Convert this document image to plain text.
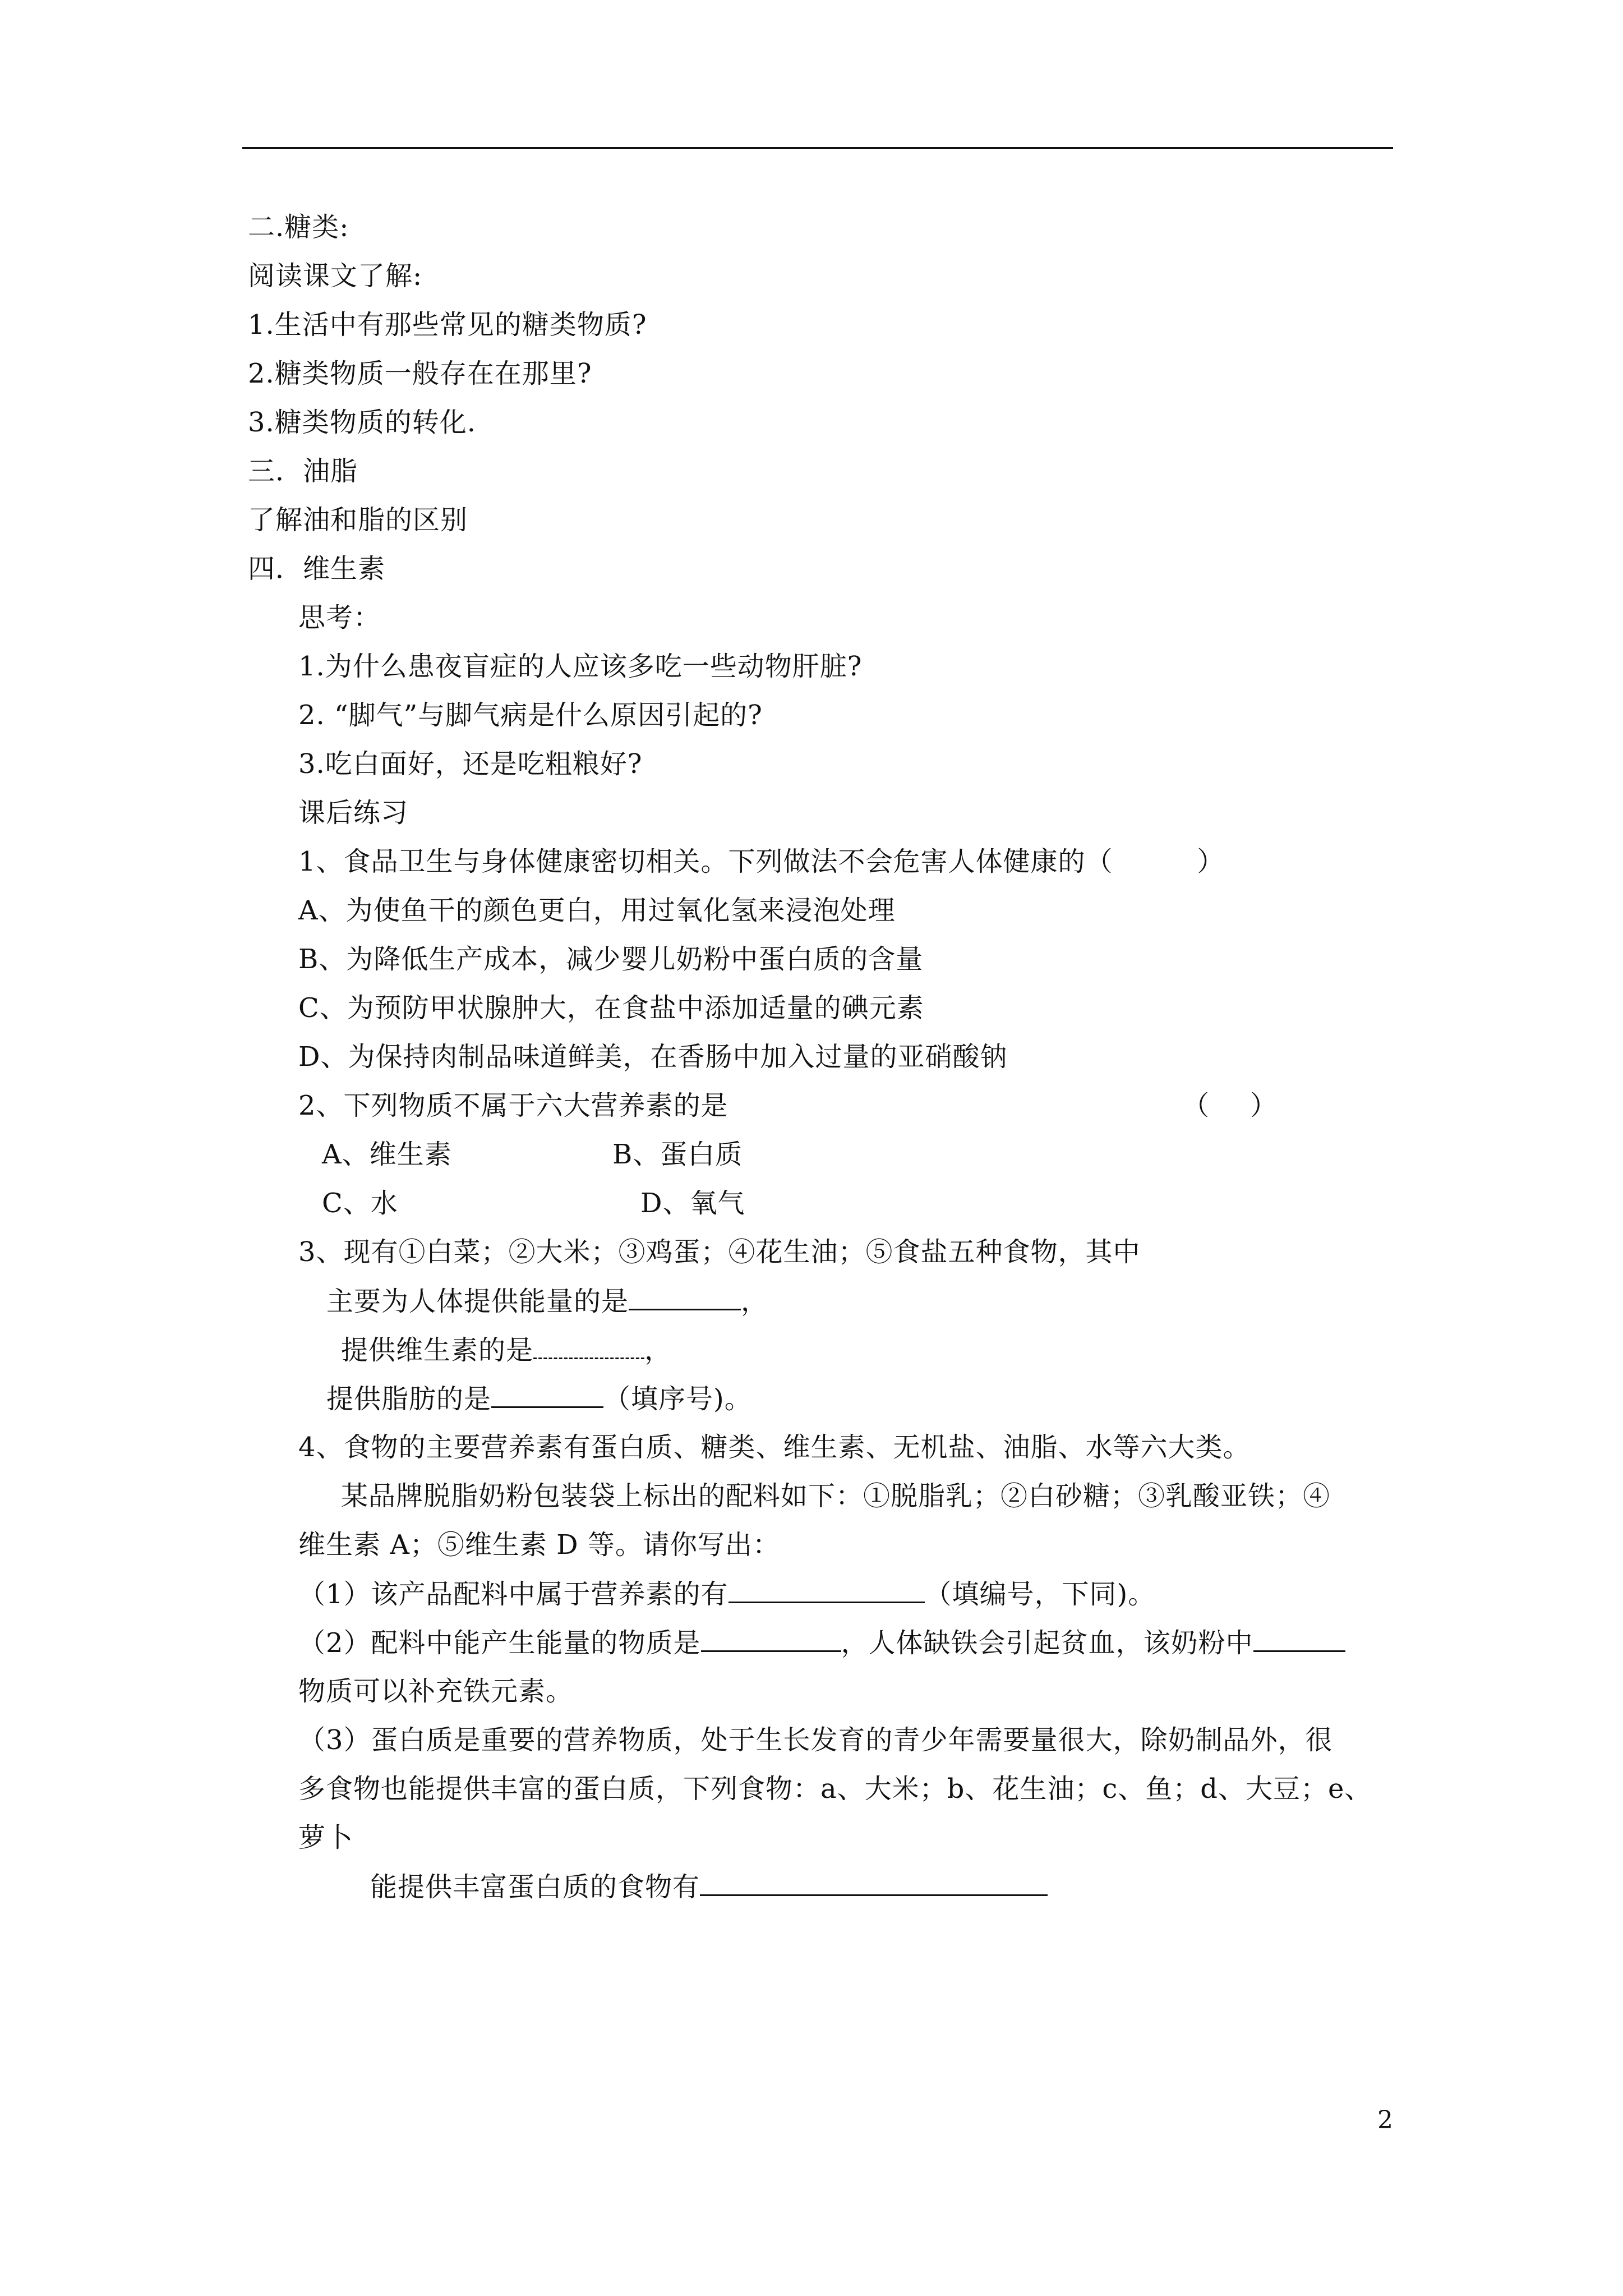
二.糖类:
阅读课文了解:
1.生活中有那些常见的糖类物质?
2.糖类物质一般存在在那里?
3.糖类物质的转化.
三．油脂
了解油和脂的区别
四．维生素
思考：
1.为什么患夜盲症的人应该多吃一些动物肝脏?
2. “脚气”与脚气病是什么原因引起的?
3.吃白面好，还是吃粗粮好?
课后练习
1、食品卫生与身体健康密切相关。下列做法不会危害人体健康的（	）
A、为使鱼干的颜色更白，用过氧化氢来浸泡处理
B、为降低生产成本，减少婴儿奶粉中蛋白质的含量
C、为预防甲状腺肿大，在食盐中添加适量的碘元素
D、为保持肉制品味道鲜美，在香肠中加入过量的亚硝酸钠
2、下列物质不属于六大营养素的是	（ ）
A、维生素	B、蛋白质
C、水	D、氧气
3、现有①白菜；②大米；③鸡蛋；④花生油；⑤食盐五种食物，其中
主要为人体提供能量的是	，
提供维生素的是	，
提供脂肪的是	（填序号)。
4、食物的主要营养素有蛋白质、糖类、维生素、无机盐、油脂、水等六大类。
某品牌脱脂奶粉包装袋上标出的配料如下：①脱脂乳；②白砂糖；③乳酸亚铁；④
维生素 A；⑤维生素 D 等。请你写出：
（1）该产品配料中属于营养素的有	（填编号，下同)。
（2）配料中能产生能量的物质是	，人体缺铁会引起贫血，该奶粉中
物质可以补充铁元素。
（3）蛋白质是重要的营养物质，处于生长发育的青少年需要量很大，除奶制品外，很
多食物也能提供丰富的蛋白质，下列食物：a、大米；b、花生油；c、鱼；d、大豆；e、
萝卜
能提供丰富蛋白质的食物有
2
